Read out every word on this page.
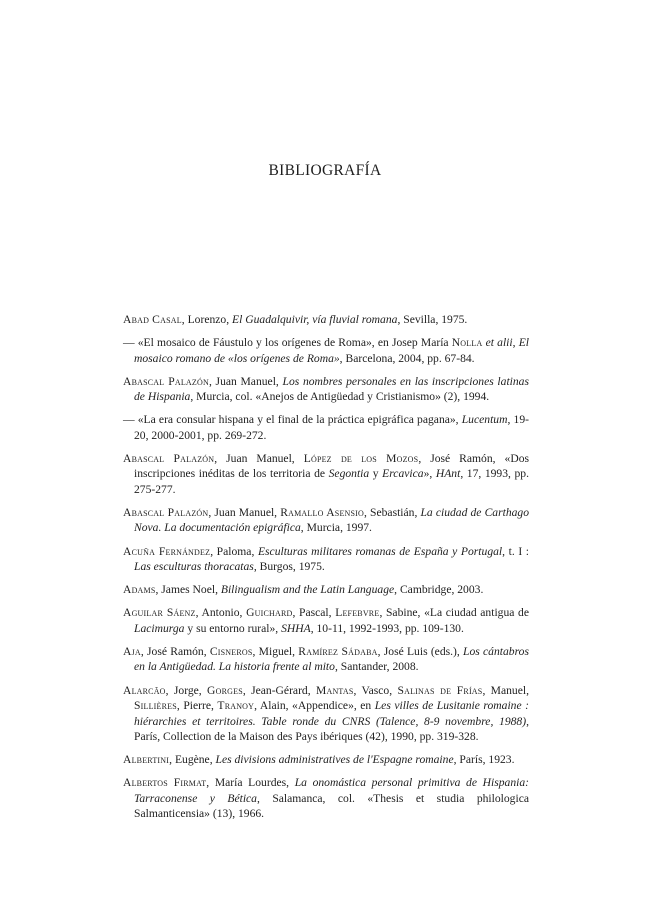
BIBLIOGRAFÍA

Abad Casal, Lorenzo, El Guadalquivir, vía fluvial romana, Sevilla, 1975.

— «El mosaico de Fáustulo y los orígenes de Roma», en Josep María Nolla et alii, El mosaico romano de «los orígenes de Roma», Barcelona, 2004, pp. 67-84.

Abascal Palazón, Juan Manuel, Los nombres personales en las inscripciones latinas de Hispania, Murcia, col. «Anejos de Antigüedad y Cristianismo» (2), 1994.

— «La era consular hispana y el final de la práctica epigráfica pagana», Lucentum, 19-20, 2000-2001, pp. 269-272.

Abascal Palazón, Juan Manuel, López de los Mozos, José Ramón, «Dos inscripciones inéditas de los territoria de Segontia y Ercavica», HAnt, 17, 1993, pp. 275-277.

Abascal Palazón, Juan Manuel, Ramallo Asensio, Sebastián, La ciudad de Carthago Nova. La documentación epigráfica, Murcia, 1997.

Acuña Fernández, Paloma, Esculturas militares romanas de España y Portugal, t. I : Las esculturas thoracatas, Burgos, 1975.

Adams, James Noel, Bilingualism and the Latin Language, Cambridge, 2003.

Aguilar Sáenz, Antonio, Guichard, Pascal, Lefebvre, Sabine, «La ciudad antigua de Lacimurga y su entorno rural», SHHA, 10-11, 1992-1993, pp. 109-130.

Aja, José Ramón, Cisneros, Miguel, Ramírez Sádaba, José Luis (eds.), Los cántabros en la Antigüedad. La historia frente al mito, Santander, 2008.

Alarcão, Jorge, Gorges, Jean-Gérard, Mantas, Vasco, Salinas de Frías, Manuel, Sillières, Pierre, Tranoy, Alain, «Appendice», en Les villes de Lusitanie romaine : hiérarchies et territoires. Table ronde du CNRS (Talence, 8-9 novembre, 1988), París, Collection de la Maison des Pays ibériques (42), 1990, pp. 319-328.

Albertini, Eugène, Les divisions administratives de l'Espagne romaine, París, 1923.

Albertos Firmat, María Lourdes, La onomástica personal primitiva de Hispania: Tarraconense y Bética, Salamanca, col. «Thesis et studia philologica Salmanticensia» (13), 1966.
